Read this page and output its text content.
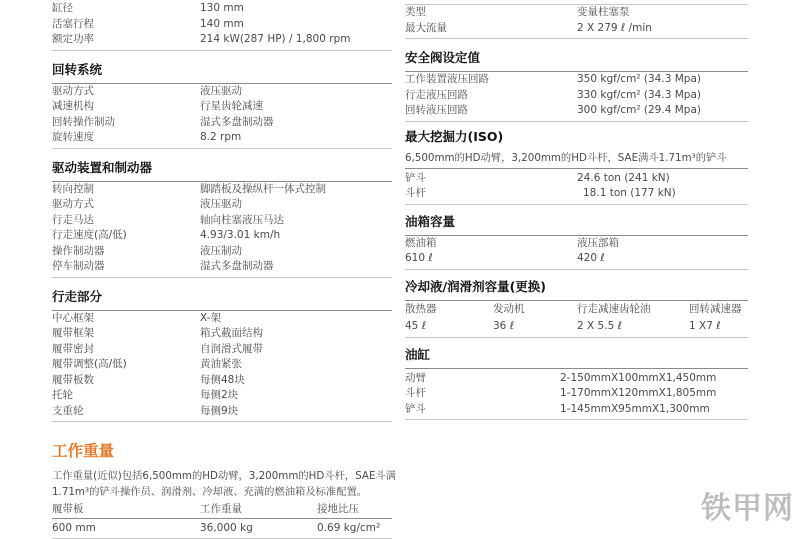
缸径	130 mm
活塞行程	140 mm
额定功率	214 kW(287 HP) / 1,800 rpm
回转系统
驱动方式	液压驱动
减速机构	行星齿轮减速
回转操作制动	湿式多盘制动器
旋转速度	8.2 rpm
驱动装置和制动器
转向控制	脚踏板及操纵杆一体式控制
驱动方式	液压驱动
行走马达	轴向柱塞液压马达
行走速度(高/低)	4.93/3.01 km/h
操作制动器	液压制动
停车制动器	湿式多盘制动器
行走部分
中心框架	X-架
履带框架	箱式截面结构
履带密封	自润滑式履带
履带调整(高/低)	黄油紧张
履带板数	每侧48块
托轮	每侧2块
支重轮	每侧9块
工作重量
工作重量(近似)包括6,500mm的HD动臂，3,200mm的HD斗杆，SAE斗满
1.71m³的铲斗操作员、润滑剂、冷却液、充满的燃油箱及标准配置。
履带板	工作重量	接地比压
600 mm	36,000 kg	0.69 kg/cm²
类型	变量柱塞泵
最大流量	2 X 279 ℓ /min
安全阀设定值
工作装置液压回路	350 kgf/cm² (34.3 Mpa)
行走液压回路	330 kgf/cm² (34.3 Mpa)
回转液压回路	300 kgf/cm² (29.4 Mpa)
最大挖掘力(ISO)
6,500mm的HD动臂，3,200mm的HD斗杆，SAE满斗1.71m³的铲斗
铲斗	24.6 ton (241 kN)
斗杆	18.1 ton (177 kN)
油箱容量
燃油箱	液压部箱
610 ℓ	420 ℓ
冷却液/润滑剂容量(更换)
散热器	发动机	行走减速齿轮油	回转减速器
45 ℓ	36 ℓ	2 X 5.5 ℓ	1 X7 ℓ
油缸
动臂	2-150mmX100mmX1,450mm
斗杆	1-170mmX120mmX1,805mm
铲斗	1-145mmX95mmX1,300mm
铁甲网
